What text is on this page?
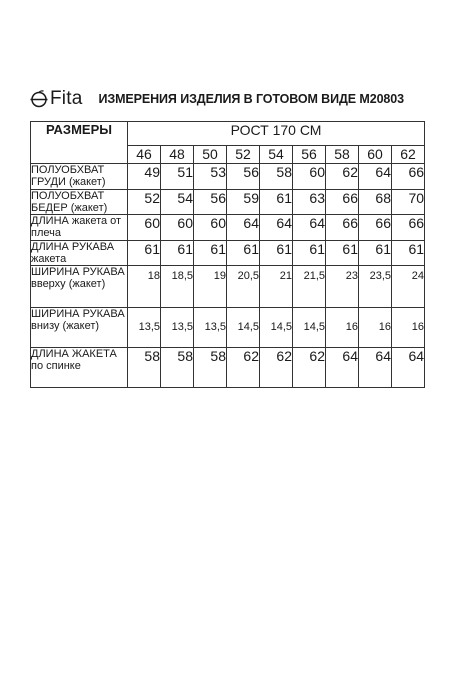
Fita ИЗМЕРЕНИЯ ИЗДЕЛИЯ В ГОТОВОМ ВИДЕ М20803
РАЗМЕРЫ	РОСТ 170 СМ								
	46	48	50	52	54	56	58	60	62
ПОЛУОБХВАТ ГРУДИ (жакет)	49	51	53	56	58	60	62	64	66
ПОЛУОБХВАТ БЕДЕР (жакет)	52	54	56	59	61	63	66	68	70
ДЛИНА жакета от плеча	60	60	60	64	64	64	66	66	66
ДЛИНА РУКАВА жакета	61	61	61	61	61	61	61	61	61
ШИРИНА РУКАВА вверху (жакет)	18	18,5	19	20,5	21	21,5	23	23,5	24
ШИРИНА РУКАВА внизу (жакет)	13,5	13,5	13,5	14,5	14,5	14,5	16	16	16
ДЛИНА ЖАКЕТА по спинке	58	58	58	62	62	62	64	64	64
